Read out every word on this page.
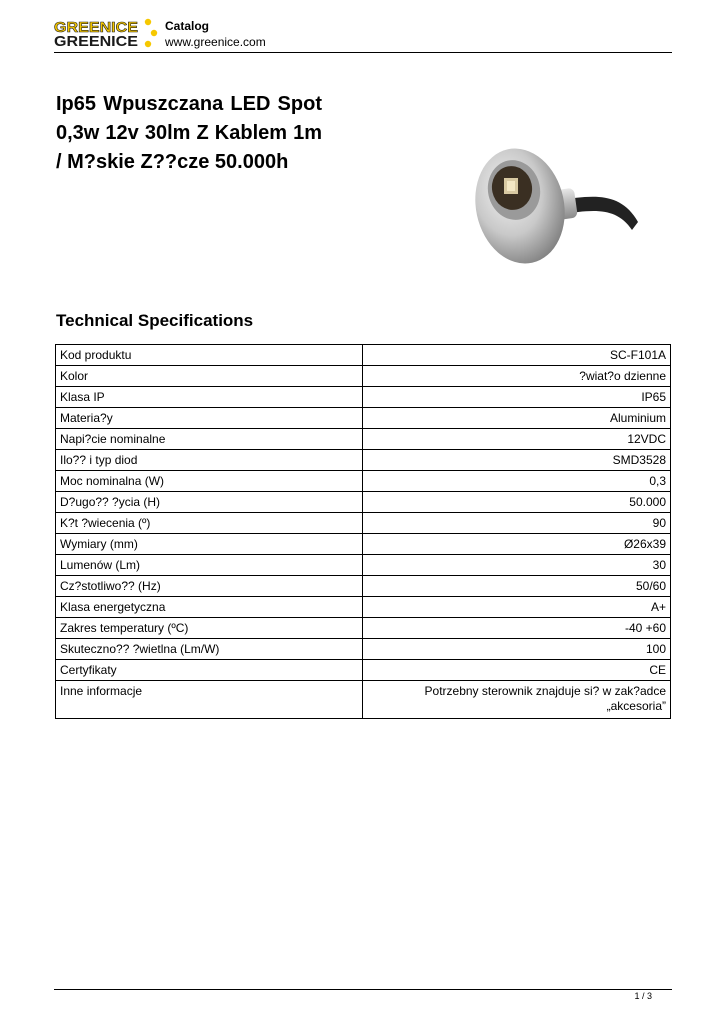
GREENICE
GREENICE
Catalog
www.greenice.com
Ip65 Wpuszczana LED Spot 0,3w 12v 30lm Z Kablem 1m / M?skie Z??cze 50.000h
Technical Specifications
Kod produktu	SC-F101A
Kolor	?wiat?o dzienne
Klasa IP	IP65
Materia?y	Aluminium
Napi?cie nominalne	12VDC
Ilo?? i typ diod	SMD3528
Moc nominalna (W)	0,3
D?ugo?? ?ycia (H)	50.000
K?t ?wiecenia (º)	90
Wymiary (mm)	Ø26x39
Lumenów (Lm)	30
Cz?stotliwo?? (Hz)	50/60
Klasa energetyczna	A+
Zakres temperatury (ºC)	-40 +60
Skuteczno?? ?wietlna (Lm/W)	100
Certyfikaty	CE
Inne informacje	Potrzebny sterownik znajduje si? w zak?adce „akcesoria”
1 / 3
